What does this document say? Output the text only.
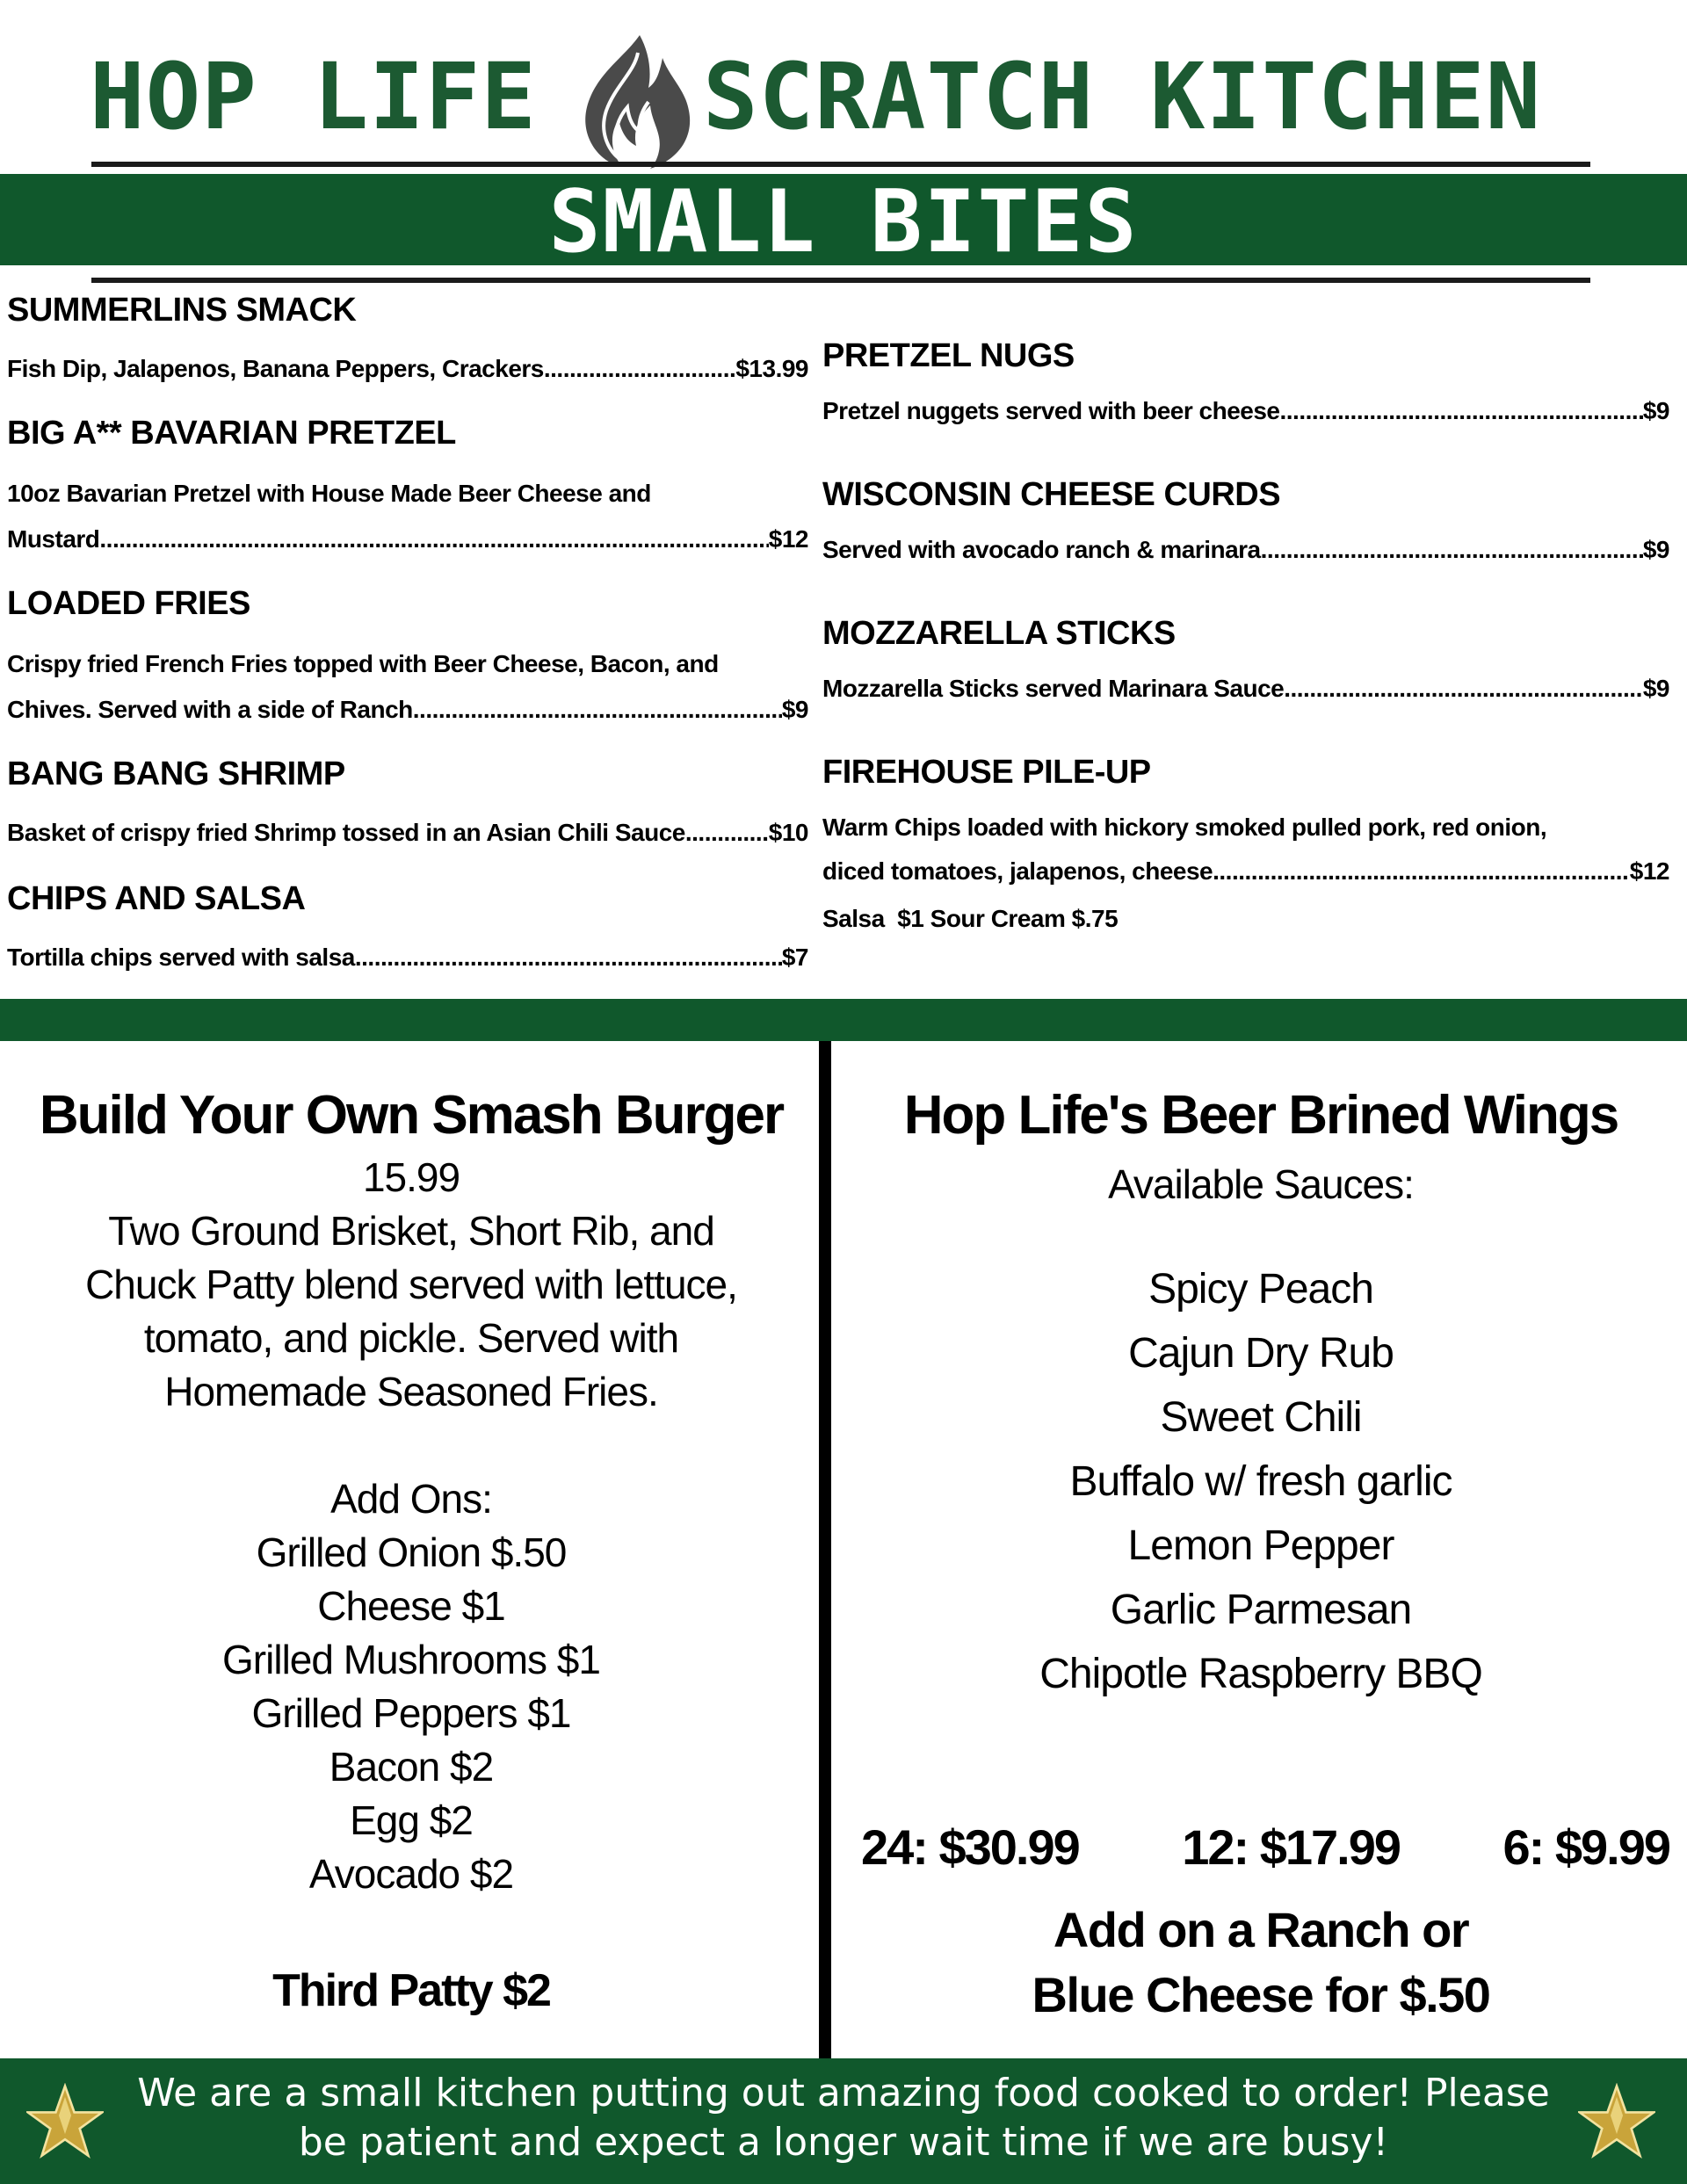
HOP LIFE SCRATCH KITCHEN
SMALL BITES
SUMMERLINS SMACK
Fish Dip, Jalapenos, Banana Peppers, Crackers .....	$13.99
BIG A** BAVARIAN PRETZEL
10oz Bavarian Pretzel with House Made Beer Cheese and
Mustard .....	$12
LOADED FRIES
Crispy fried French Fries topped with Beer Cheese, Bacon, and
Chives. Served with a side of Ranch .....	$9
BANG BANG SHRIMP
Basket of crispy fried Shrimp tossed in an Asian Chili Sauce .....	$10
CHIPS AND SALSA
Tortilla chips served with salsa .....	$7
PRETZEL NUGS
Pretzel nuggets served with beer cheese .....	$9
WISCONSIN CHEESE CURDS
Served with avocado ranch & marinara .....	$9
MOZZARELLA STICKS
Mozzarella Sticks served Marinara Sauce .....	$9
FIREHOUSE PILE-UP
Warm Chips loaded with hickory smoked pulled pork, red onion,
diced tomatoes, jalapenos, cheese .....	$12
Salsa  $1 Sour Cream $.75
Build Your Own Smash Burger
15.99
Two Ground Brisket, Short Rib, and
Chuck Patty blend served with lettuce,
tomato, and pickle. Served with
Homemade Seasoned Fries.
Add Ons:
Grilled Onion $.50
Cheese $1
Grilled Mushrooms $1
Grilled Peppers $1
Bacon $2
Egg $2
Avocado $2
Third Patty $2
Hop Life's Beer Brined Wings
Available Sauces:
Spicy Peach
Cajun Dry Rub
Sweet Chili
Buffalo w/ fresh garlic
Lemon Pepper
Garlic Parmesan
Chipotle Raspberry BBQ
24: $30.99 12: $17.99 6: $9.99
Add on a Ranch or
Blue Cheese for $.50
We are a small kitchen putting out amazing food cooked to order! Please
be patient and expect a longer wait time if we are busy!
